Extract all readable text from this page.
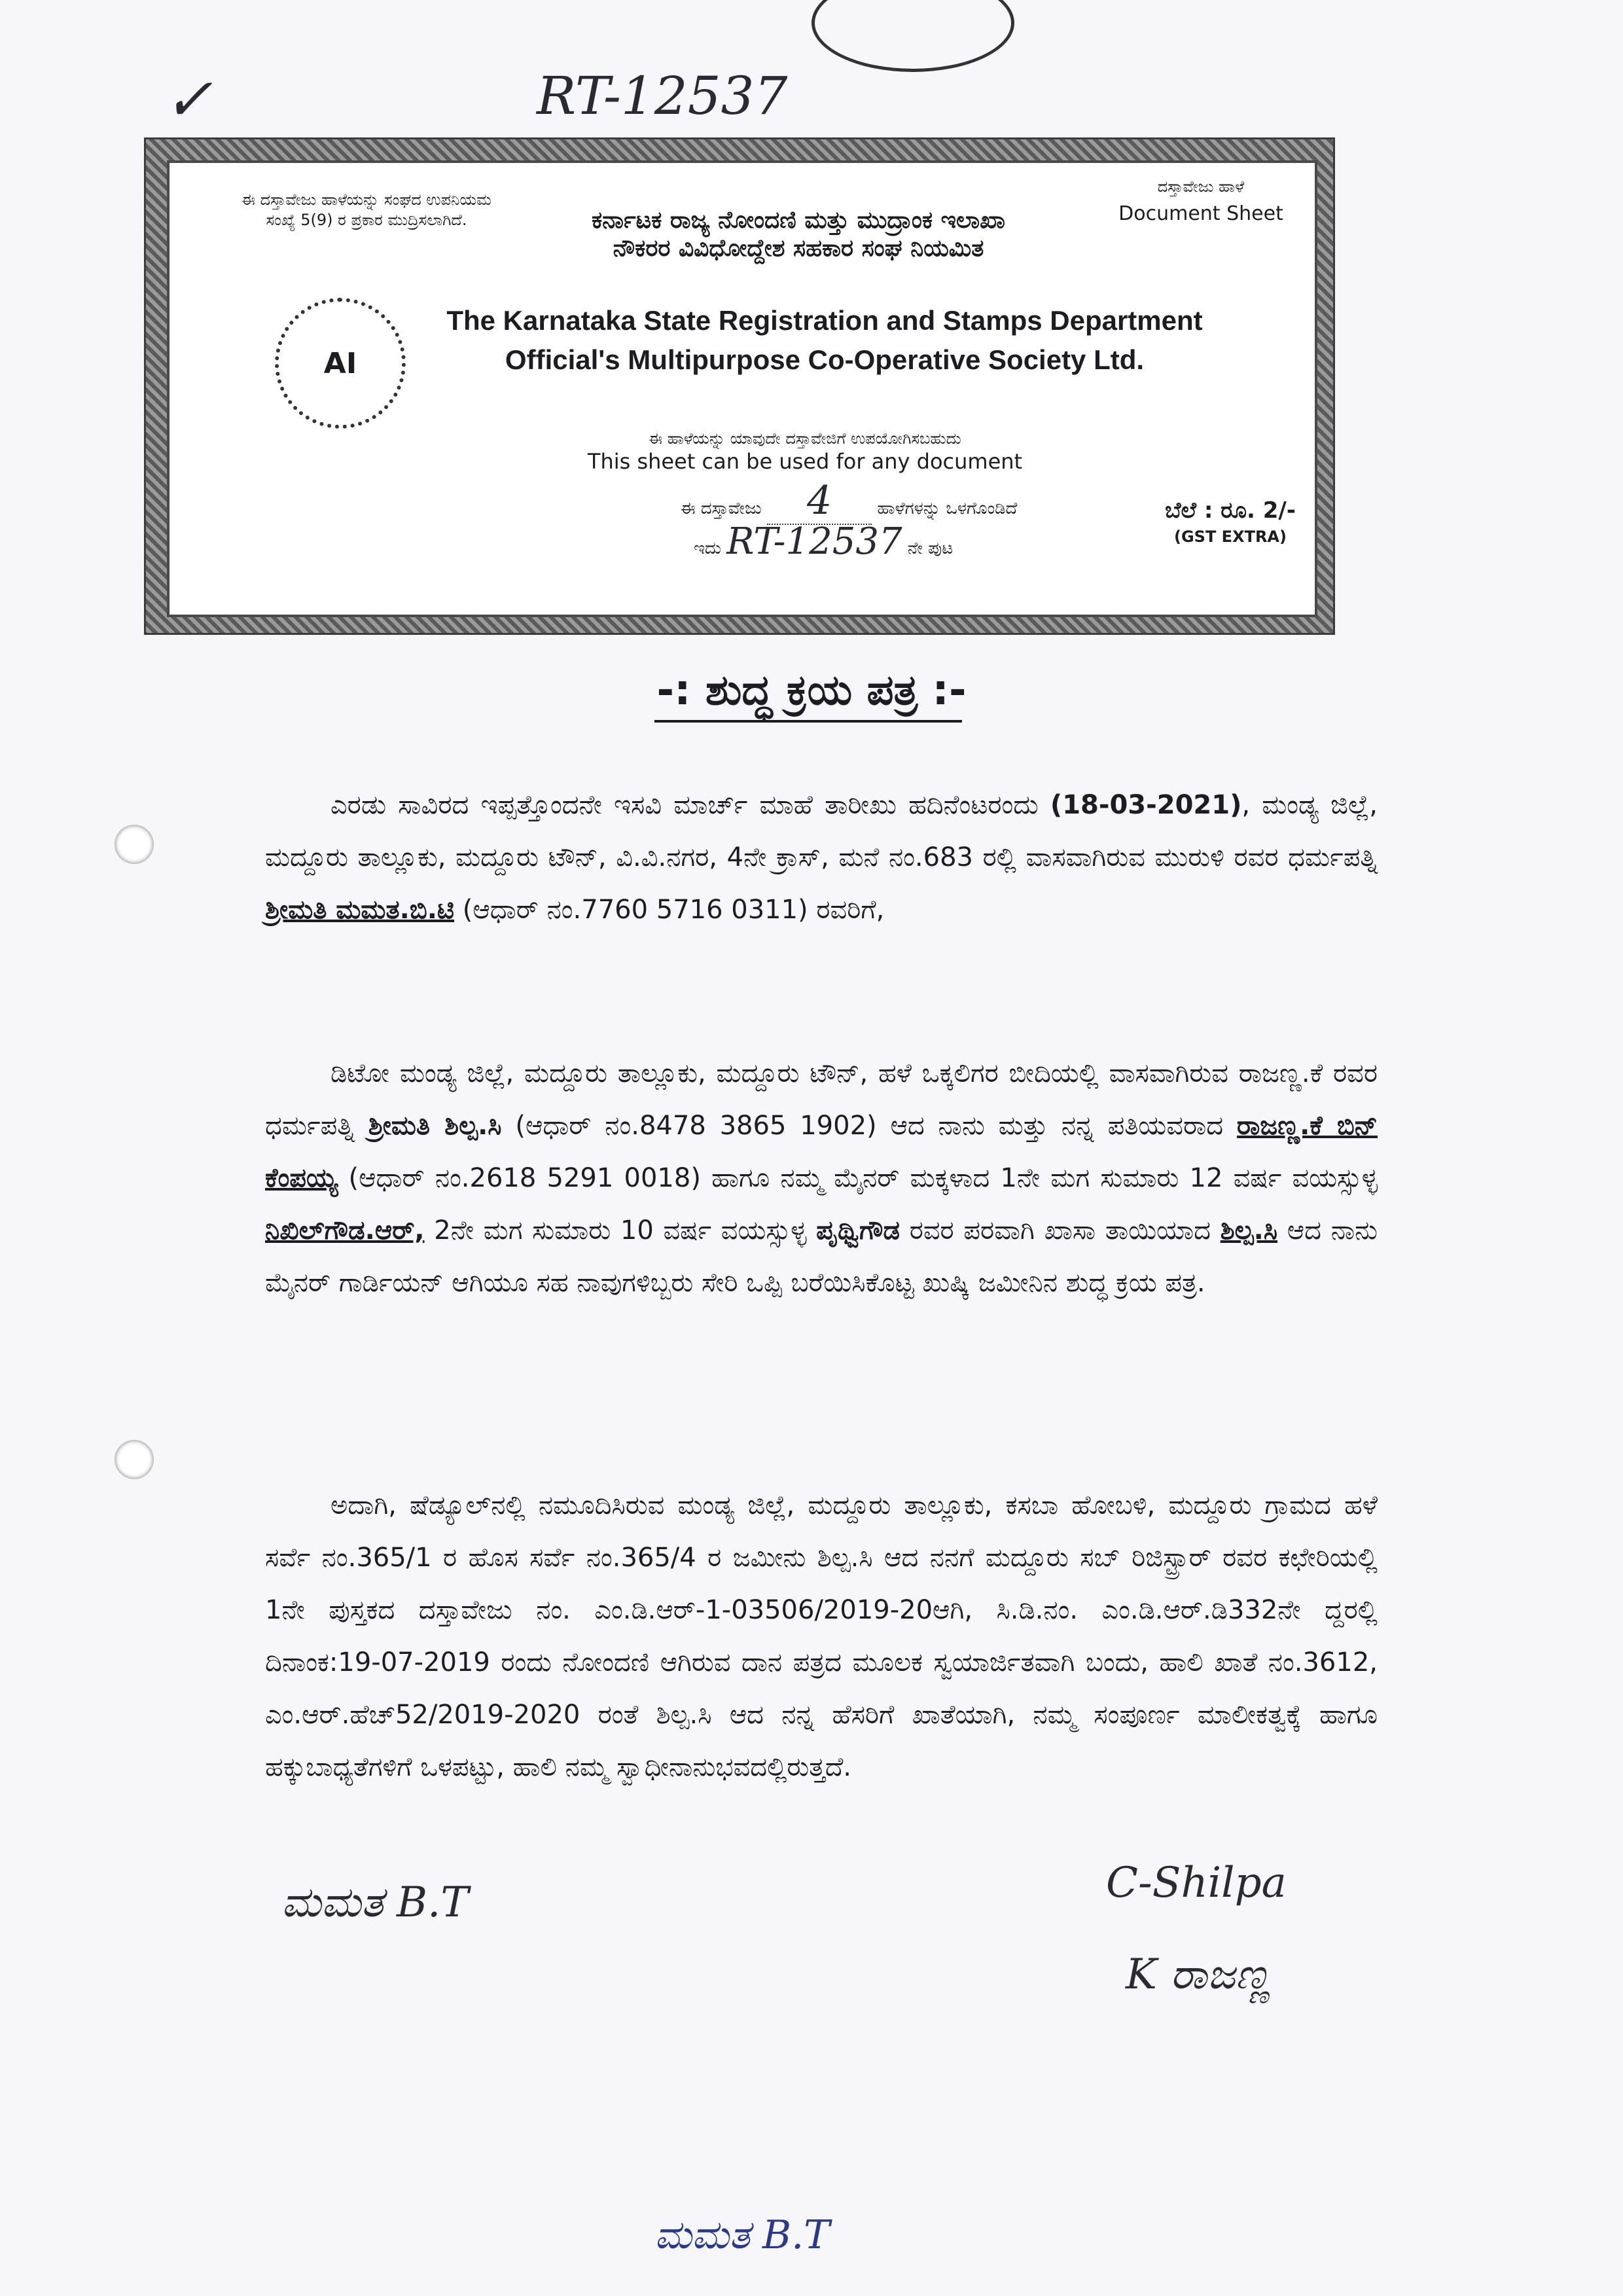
✓	RT-12537
ಈ ದಸ್ತಾವೇಜು ಹಾಳೆಯನ್ನು ಸಂಘದ ಉಪನಿಯಮ
ಸಂಖ್ಯೆ 5(9) ರ ಪ್ರಕಾರ ಮುದ್ರಿಸಲಾಗಿದೆ.
ದಸ್ತಾವೇಜು ಹಾಳೆ
Document Sheet
ಕರ್ನಾಟಕ ರಾಜ್ಯ ನೋಂದಣಿ ಮತ್ತು ಮುದ್ರಾಂಕ ಇಲಾಖಾ
ನೌಕರರ ವಿವಿಧೋದ್ದೇಶ ಸಹಕಾರ ಸಂಘ ನಿಯಮಿತ
AI
The Karnataka State Registration and Stamps Department
Official's Multipurpose Co-Operative Society Ltd.
ಈ ಹಾಳೆಯನ್ನು ಯಾವುದೇ ದಸ್ತಾವೇಜಿಗೆ ಉಪಯೋಗಿಸಬಹುದು
This sheet can be used for any document
ಈ ದಸ್ತಾವೇಜು 4	ಹಾಳೆಗಳನ್ನು ಒಳಗೊಂಡಿದೆ
ಇದು RT-12537 ನೇ ಪುಟ
ಬೆಲೆ : ರೂ. 2/-
(GST EXTRA)
-: ಶುದ್ಧ ಕ್ರಯ ಪತ್ರ :-

ಎರಡು ಸಾವಿರದ ಇಪ್ಪತ್ತೊಂದನೇ ಇಸವಿ ಮಾರ್ಚ್ ಮಾಹೆ ತಾರೀಖು ಹದಿನೆಂಟರಂದು (18-03-2021), ಮಂಡ್ಯ ಜಿಲ್ಲೆ, ಮದ್ದೂರು ತಾಲ್ಲೂಕು, ಮದ್ದೂರು ಟೌನ್, ವಿ.ವಿ.ನಗರ, 4ನೇ ಕ್ರಾಸ್, ಮನೆ ನಂ.683 ರಲ್ಲಿ ವಾಸವಾಗಿರುವ ಮುರುಳಿ ರವರ ಧರ್ಮಪತ್ನಿ ಶ್ರೀಮತಿ ಮಮತ.ಬಿ.ಟಿ (ಆಧಾರ್ ನಂ.7760 5716 0311) ರವರಿಗೆ,

ಡಿಟೋ ಮಂಡ್ಯ ಜಿಲ್ಲೆ, ಮದ್ದೂರು ತಾಲ್ಲೂಕು, ಮದ್ದೂರು ಟೌನ್, ಹಳೆ ಒಕ್ಕಲಿಗರ ಬೀದಿಯಲ್ಲಿ ವಾಸವಾಗಿರುವ ರಾಜಣ್ಣ.ಕೆ ರವರ ಧರ್ಮಪತ್ನಿ ಶ್ರೀಮತಿ ಶಿಲ್ಪ.ಸಿ (ಆಧಾರ್ ನಂ.8478 3865 1902) ಆದ ನಾನು ಮತ್ತು ನನ್ನ ಪತಿಯವರಾದ ರಾಜಣ್ಣ.ಕೆ ಬಿನ್ ಕೆಂಪಯ್ಯ (ಆಧಾರ್ ನಂ.2618 5291 0018) ಹಾಗೂ ನಮ್ಮ ಮೈನರ್ ಮಕ್ಕಳಾದ 1ನೇ ಮಗ ಸುಮಾರು 12 ವರ್ಷ ವಯಸ್ಸುಳ್ಳ ನಿಖಿಲ್‌ಗೌಡ.ಆರ್, 2ನೇ ಮಗ ಸುಮಾರು 10 ವರ್ಷ ವಯಸ್ಸುಳ್ಳ ಪೃಥ್ವಿಗೌಡ ರವರ ಪರವಾಗಿ ಖಾಸಾ ತಾಯಿಯಾದ ಶಿಲ್ಪ.ಸಿ ಆದ ನಾನು ಮೈನರ್ ಗಾರ್ಡಿಯನ್ ಆಗಿಯೂ ಸಹ ನಾವುಗಳಿಬ್ಬರು ಸೇರಿ ಒಪ್ಪಿ ಬರೆಯಿಸಿಕೊಟ್ಟ ಖುಷ್ಕಿ ಜಮೀನಿನ ಶುದ್ಧ ಕ್ರಯ ಪತ್ರ.

ಅದಾಗಿ, ಷೆಡ್ಯೂಲ್‌ನಲ್ಲಿ ನಮೂದಿಸಿರುವ ಮಂಡ್ಯ ಜಿಲ್ಲೆ, ಮದ್ದೂರು ತಾಲ್ಲೂಕು, ಕಸಬಾ ಹೋಬಳಿ, ಮದ್ದೂರು ಗ್ರಾಮದ ಹಳೆ ಸರ್ವೆ ನಂ.365/1 ರ ಹೊಸ ಸರ್ವೆ ನಂ.365/4 ರ ಜಮೀನು ಶಿಲ್ಪ.ಸಿ ಆದ ನನಗೆ ಮದ್ದೂರು ಸಬ್ ರಿಜಿಸ್ಟ್ರಾರ್ ರವರ ಕಛೇರಿಯಲ್ಲಿ 1ನೇ ಪುಸ್ತಕದ ದಸ್ತಾವೇಜು ನಂ. ಎಂ.ಡಿ.ಆರ್-1-03506/2019-20ಆಗಿ, ಸಿ.ಡಿ.ನಂ. ಎಂ.ಡಿ.ಆರ್.ಡಿ332ನೇ ದ್ದರಲ್ಲಿ ದಿನಾಂಕ:19-07-2019 ರಂದು ನೋಂದಣಿ ಆಗಿರುವ ದಾನ ಪತ್ರದ ಮೂಲಕ ಸ್ವಯಾರ್ಜಿತವಾಗಿ ಬಂದು, ಹಾಲಿ ಖಾತೆ ನಂ.3612, ಎಂ.ಆರ್.ಹೆಚ್52/2019-2020 ರಂತೆ ಶಿಲ್ಪ.ಸಿ ಆದ ನನ್ನ ಹೆಸರಿಗೆ ಖಾತೆಯಾಗಿ, ನಮ್ಮ ಸಂಪೂರ್ಣ ಮಾಲೀಕತ್ವಕ್ಕೆ ಹಾಗೂ ಹಕ್ಕುಬಾಧ್ಯತೆಗಳಿಗೆ ಒಳಪಟ್ಟು, ಹಾಲಿ ನಮ್ಮ ಸ್ವಾಧೀನಾನುಭವದಲ್ಲಿರುತ್ತದೆ.

ಮಮತ B.T	C-Shilpa
K ರಾಜಣ್ಣ
ಮಮತ B.T
